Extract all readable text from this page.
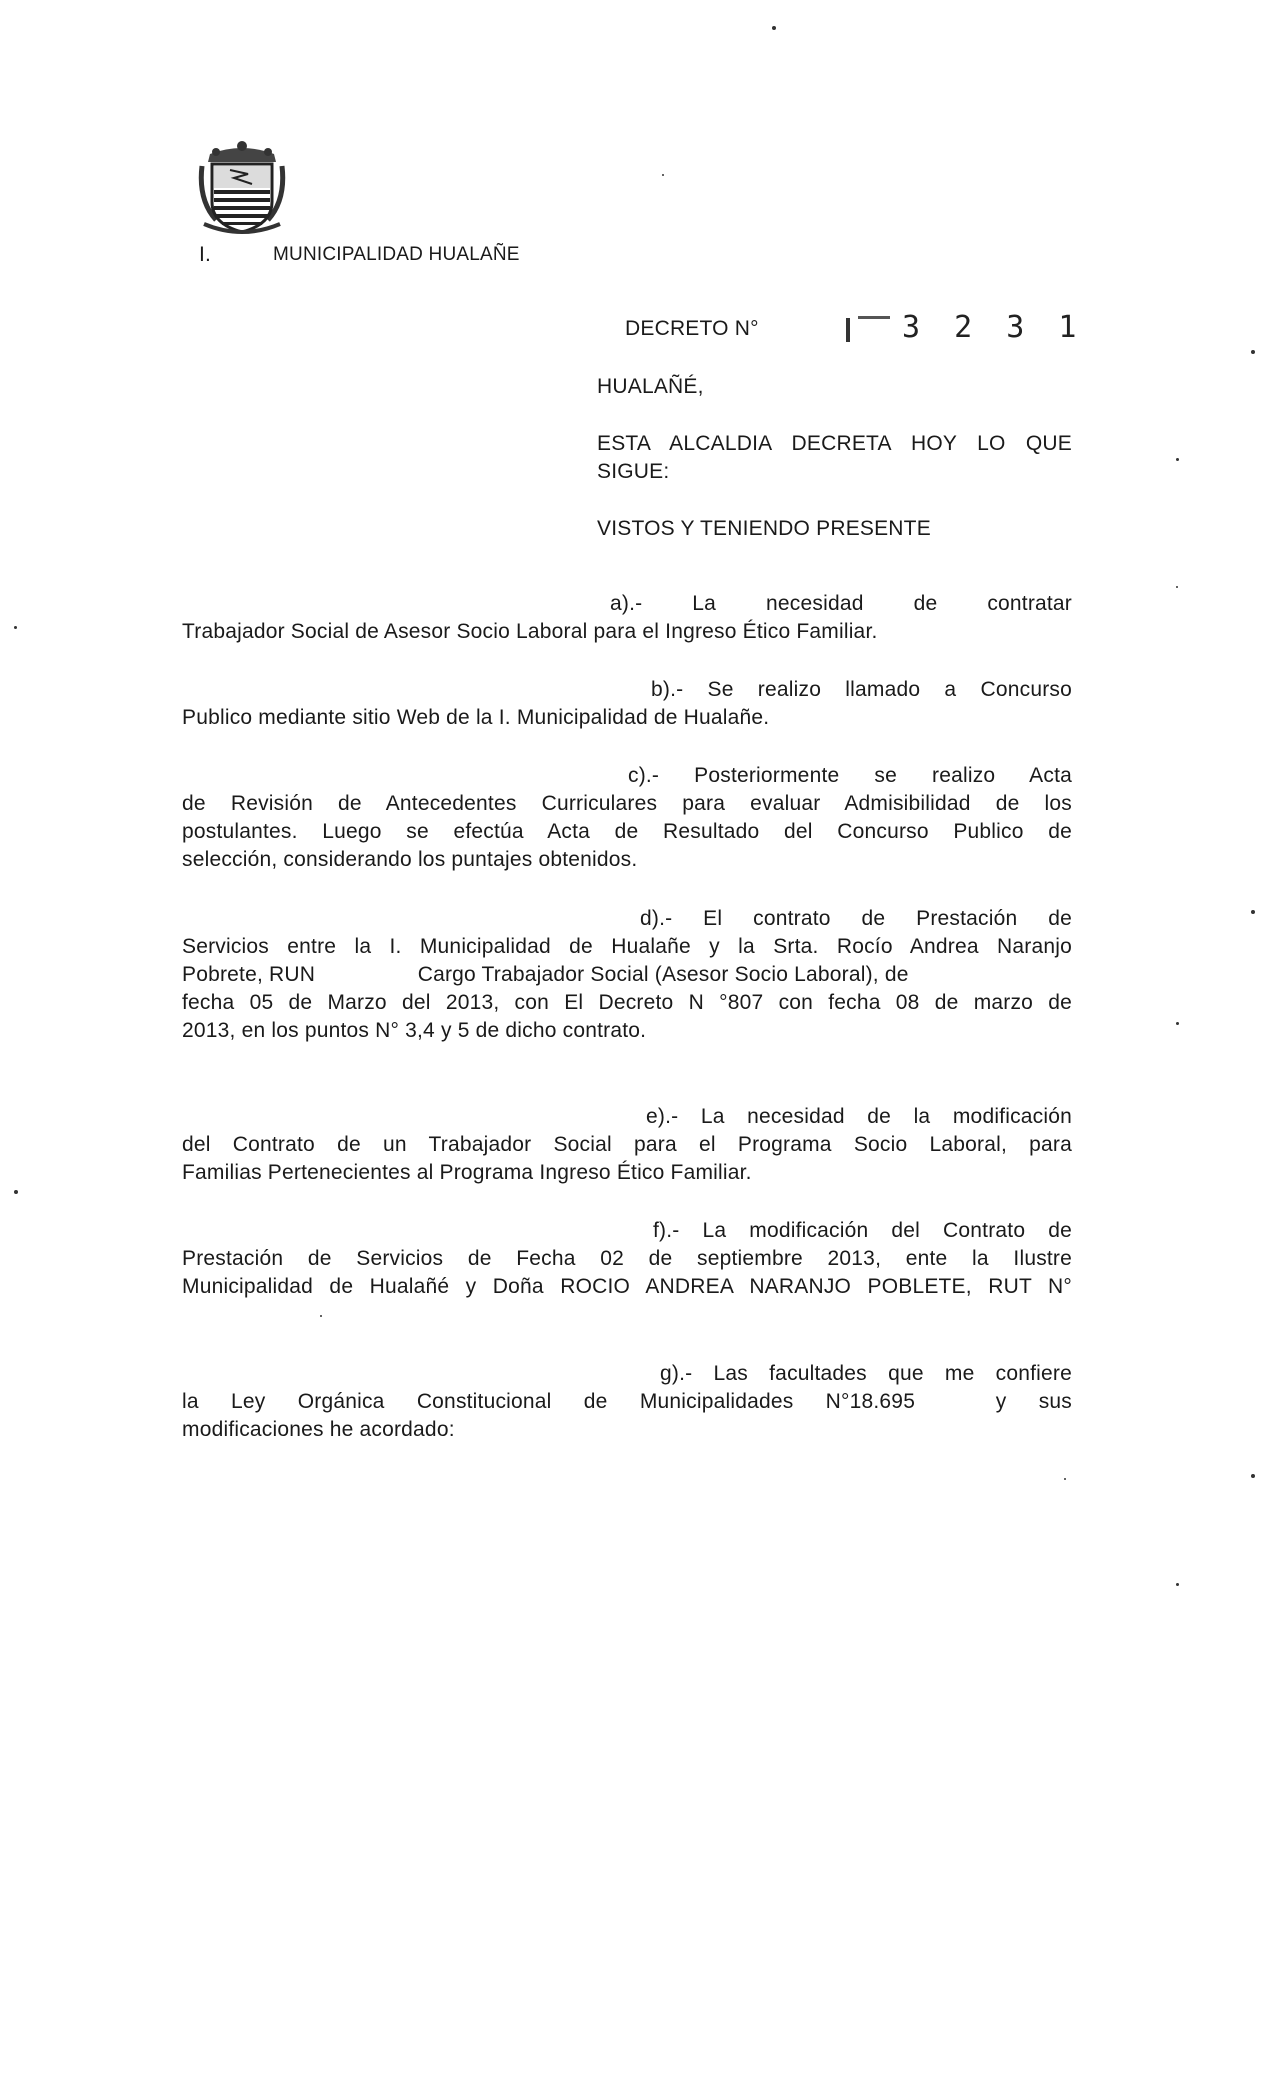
I.	MUNICIPALIDAD HUALAÑE
DECRETO N°	3 2 3 1
HUALAÑÉ,
ESTA ALCALDIA DECRETA HOY LO QUE
SIGUE:
VISTOS Y TENIENDO PRESENTE
a).- La necesidad de contratar
Trabajador Social de Asesor Socio Laboral para el Ingreso Ético Familiar.
b).- Se realizo llamado a Concurso
Publico mediante sitio Web de la I. Municipalidad de Hualañe.
c).- Posteriormente se realizo Acta
de Revisión de Antecedentes Curriculares para evaluar Admisibilidad de los
postulantes. Luego se efectúa Acta de Resultado del Concurso Publico de
selección, considerando los puntajes obtenidos.
d).- El contrato de Prestación de
Servicios entre la I. Municipalidad de Hualañe y la Srta. Rocío Andrea Naranjo
Pobrete, RUN                 Cargo Trabajador Social (Asesor Socio Laboral), de
fecha 05 de Marzo del 2013, con El Decreto N °807 con fecha 08 de marzo de
2013, en los puntos N° 3,4 y 5 de dicho contrato.
e).- La necesidad de la modificación
del Contrato de un Trabajador Social para el Programa Socio Laboral, para
Familias Pertenecientes al Programa Ingreso Ético Familiar.
f).- La modificación del Contrato de
Prestación de Servicios de Fecha 02 de septiembre 2013, ente la Ilustre
Municipalidad de Hualañé y Doña ROCIO ANDREA NARANJO POBLETE, RUT N°
g).- Las facultades que me confiere
la  Ley  Orgánica  Constitucional  de  Municipalidades  N°18.695     y  sus
modificaciones he acordado:
